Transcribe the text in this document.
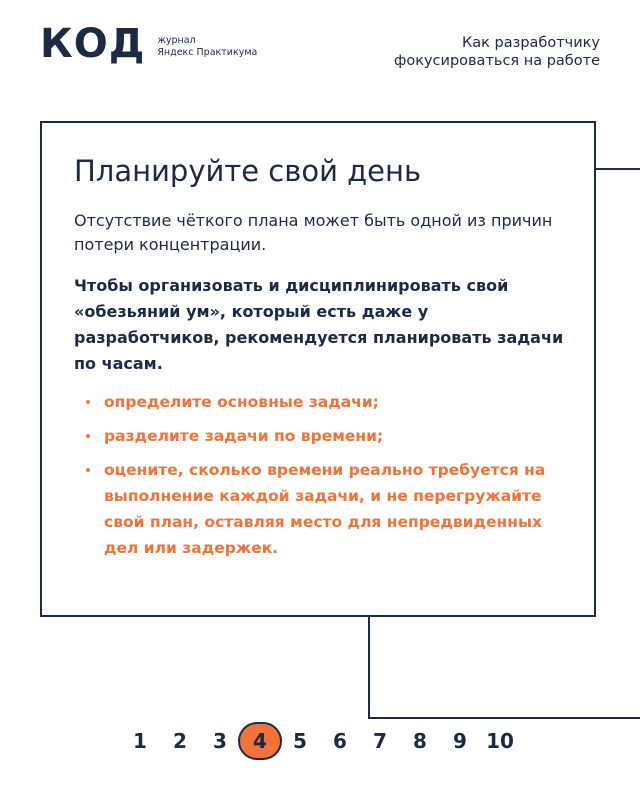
КОД журнал
Яндекс Практикума
Как разработчику
фокусироваться на работе
Планируйте свой день

Отсутствие чёткого плана может быть одной из причин потери концентрации.

Чтобы организовать и дисциплинировать свой «обезьяний ум», который есть даже у разработчиков, рекомендуется планировать задачи по часам.

определите основные задачи;
разделите задачи по времени;
оцените, сколько времени реально требуется на выполнение каждой задачи, и не перегружайте свой план, оставляя место для непредвиденных дел или задержек.
1	2	3	4	5	6	7	8	9 10
